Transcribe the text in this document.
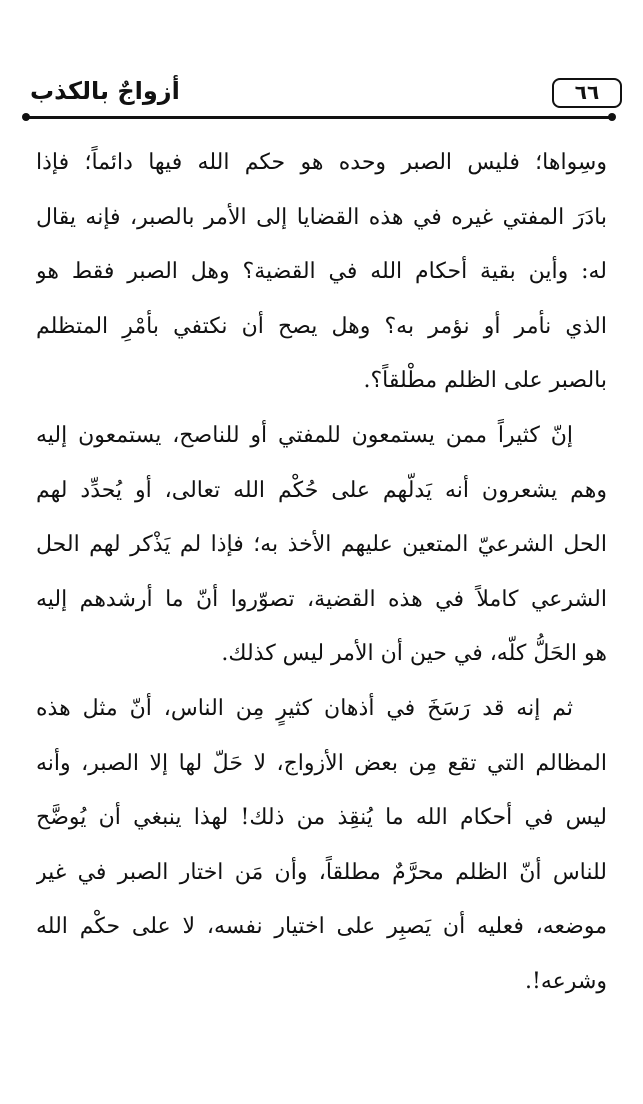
٦٦
أزواجٌ بالكذب
وسِواها؛ فليس الصبر وحده هو حكم الله فيها دائماً؛ فإذا
بادَرَ المفتي غيره في هذه القضايا إلى الأمر بالصبر، فإنه يقال
له: وأين بقية أحكام الله في القضية؟ وهل الصبر فقط هو
الذي نأمر أو نؤمر به؟ وهل يصح أن نكتفي بأمْرِ المتظلم
بالصبر على الظلم مطْلقاً؟.
إنّ كثيراً ممن يستمعون للمفتي أو للناصح، يستمعون إليه
وهم يشعرون أنه يَدلّهم على حُكْم الله تعالى، أو يُحدِّد لهم
الحل الشرعيّ المتعين عليهم الأخذ به؛ فإذا لم يَذْكر لهم الحل
الشرعي كاملاً في هذه القضية، تصوّروا أنّ ما أرشدهم إليه
هو الحَلُّ كلّه، في حين أن الأمر ليس كذلك.
ثم إنه قد رَسَخَ في أذهان كثيرٍ مِن الناس، أنّ مثل هذه
المظالم التي تقع مِن بعض الأزواج، لا حَلّ لها إلا الصبر، وأنه
ليس في أحكام الله ما يُنقِذ من ذلك! لهذا ينبغي أن يُوضَّح
للناس أنّ الظلم محرَّمٌ مطلقاً، وأن مَن اختار الصبر في غير
موضعه، فعليه أن يَصبِر على اختيار نفسه، لا على حكْم الله
وشرعه!.
